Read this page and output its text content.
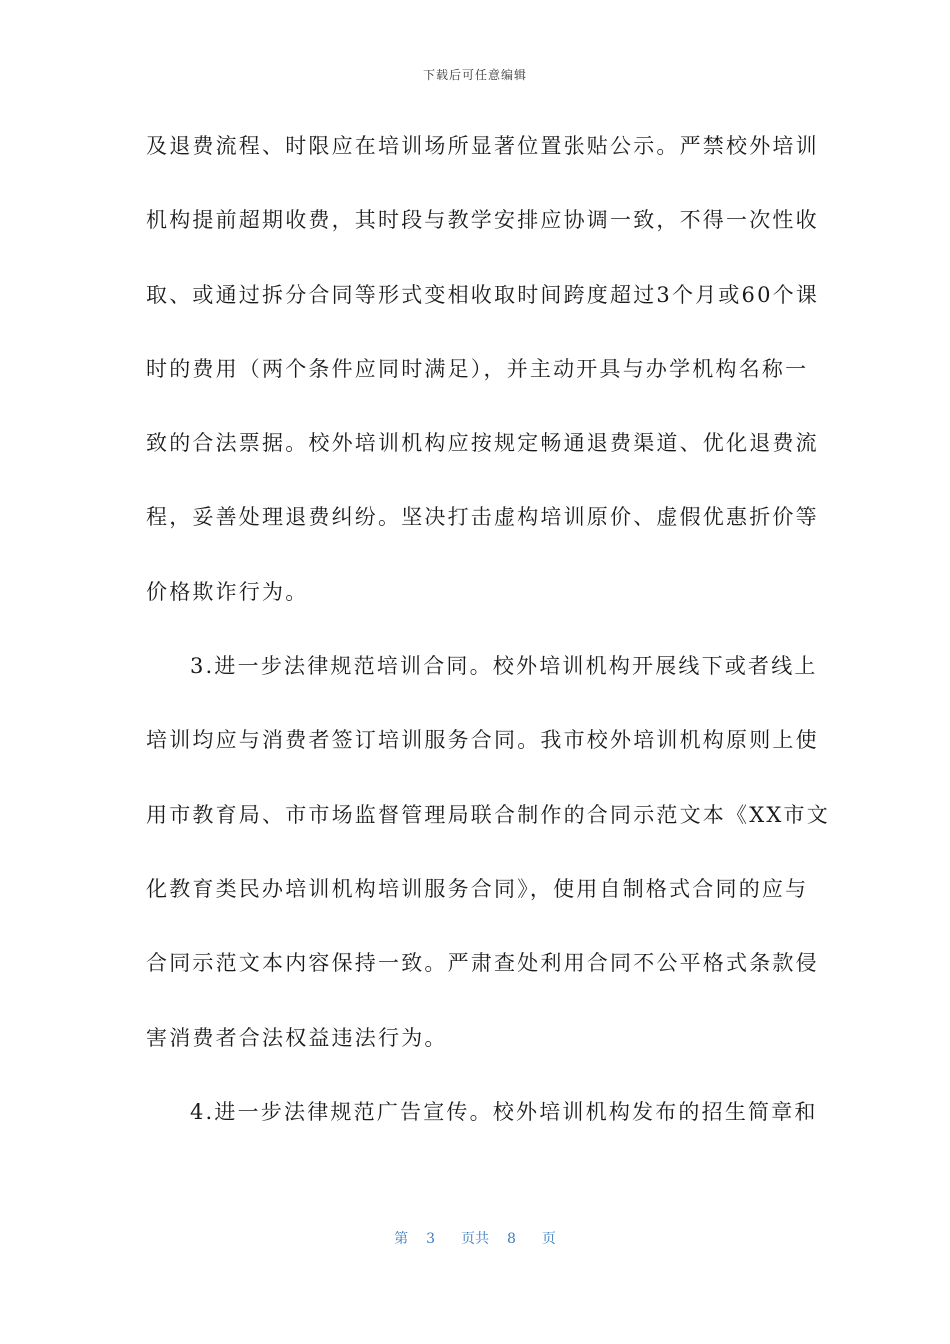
下载后可任意编辑
及退费流程、时限应在培训场所显著位置张贴公示。严禁校外培训
机构提前超期收费，其时段与教学安排应协调一致，不得一次性收
取、或通过拆分合同等形式变相收取时间跨度超过3个月或60个课
时的费用（两个条件应同时满足），并主动开具与办学机构名称一
致的合法票据。校外培训机构应按规定畅通退费渠道、优化退费流
程，妥善处理退费纠纷。坚决打击虚构培训原价、虚假优惠折价等
价格欺诈行为。
3.进一步法律规范培训合同。校外培训机构开展线下或者线上
培训均应与消费者签订培训服务合同。我市校外培训机构原则上使
用市教育局、市市场监督管理局联合制作的合同示范文本《XX市文
化教育类民办培训机构培训服务合同》，使用自制格式合同的应与
合同示范文本内容保持一致。严肃查处利用合同不公平格式条款侵
害消费者合法权益违法行为。
4.进一步法律规范广告宣传。校外培训机构发布的招生简章和
第 3 页共 8 页
